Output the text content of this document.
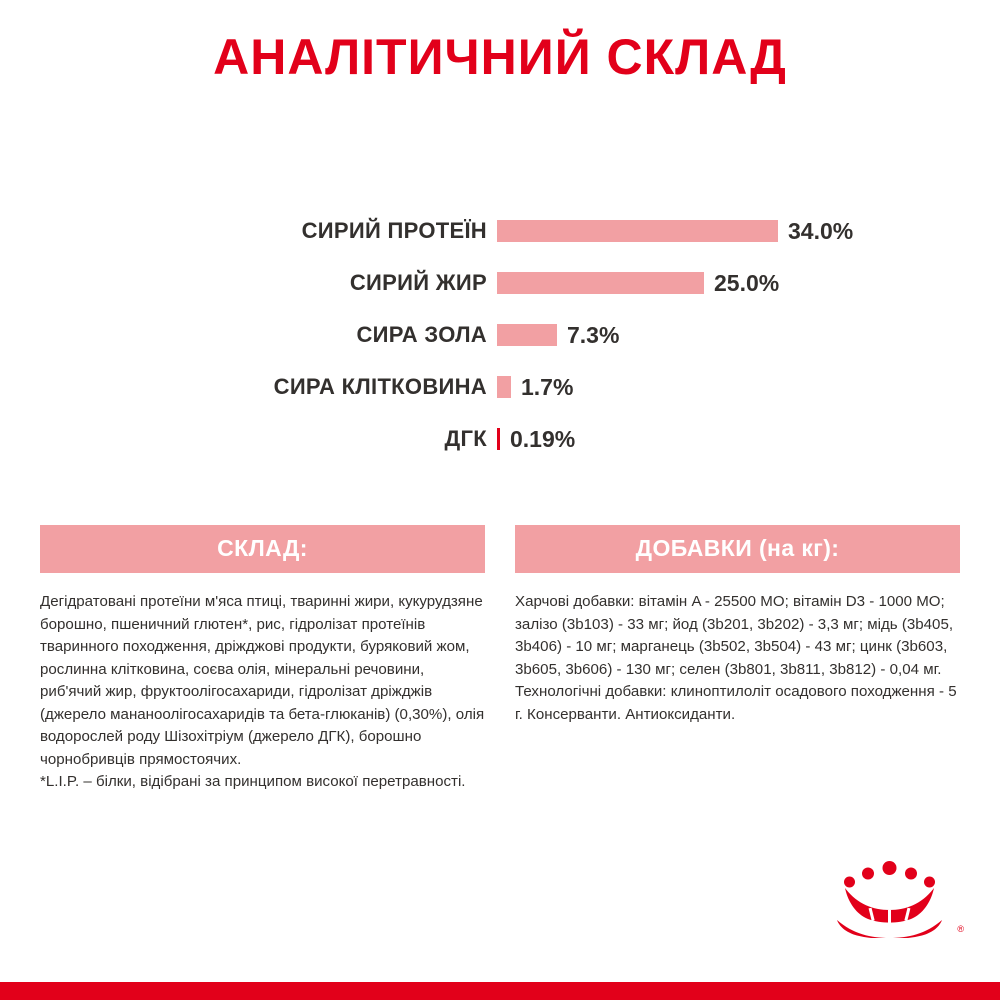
АНАЛІТИЧНИЙ СКЛАД
СИРИЙ ПРОТЕЇН	34.0%
СИРИЙ ЖИР	25.0%
СИРА ЗОЛА	7.3%
СИРА КЛІТКОВИНА	1.7%
ДГК	0.19%
СКЛАД:

Дегідратовані протеїни м'яса птиці, тваринні жири, кукурудзяне борошно, пшеничний глютен*, рис, гідролізат протеїнів тваринного походження, дріжджові продукти, буряковий жом, рослинна клітковина, соєва олія, мінеральні речовини, риб'ячий жир, фруктоолігосахариди, гідролізат дріжджів (джерело мананоолігосахаридів та бета-глюканів) (0,30%), олія водорослей роду Шізохітріум (джерело ДГК), борошно чорнобривців прямостоячих.

*L.I.P. – білки, відібрані за принципом високої перетравності.

ДОБАВКИ (на кг):

Харчові добавки: вітамін A - 25500 МО; вітамін D3 - 1000 МО; залізо (3b103) - 33 мг; йод (3b201, 3b202) - 3,3 мг; мідь (3b405, 3b406) - 10 мг; марганець (3b502, 3b504) - 43 мг; цинк (3b603, 3b605, 3b606) - 130 мг; селен (3b801, 3b811, 3b812) - 0,04 мг. Технологічні добавки: клиноптилоліт осадового походження - 5 г. Консерванти. Антиоксиданти.

®
